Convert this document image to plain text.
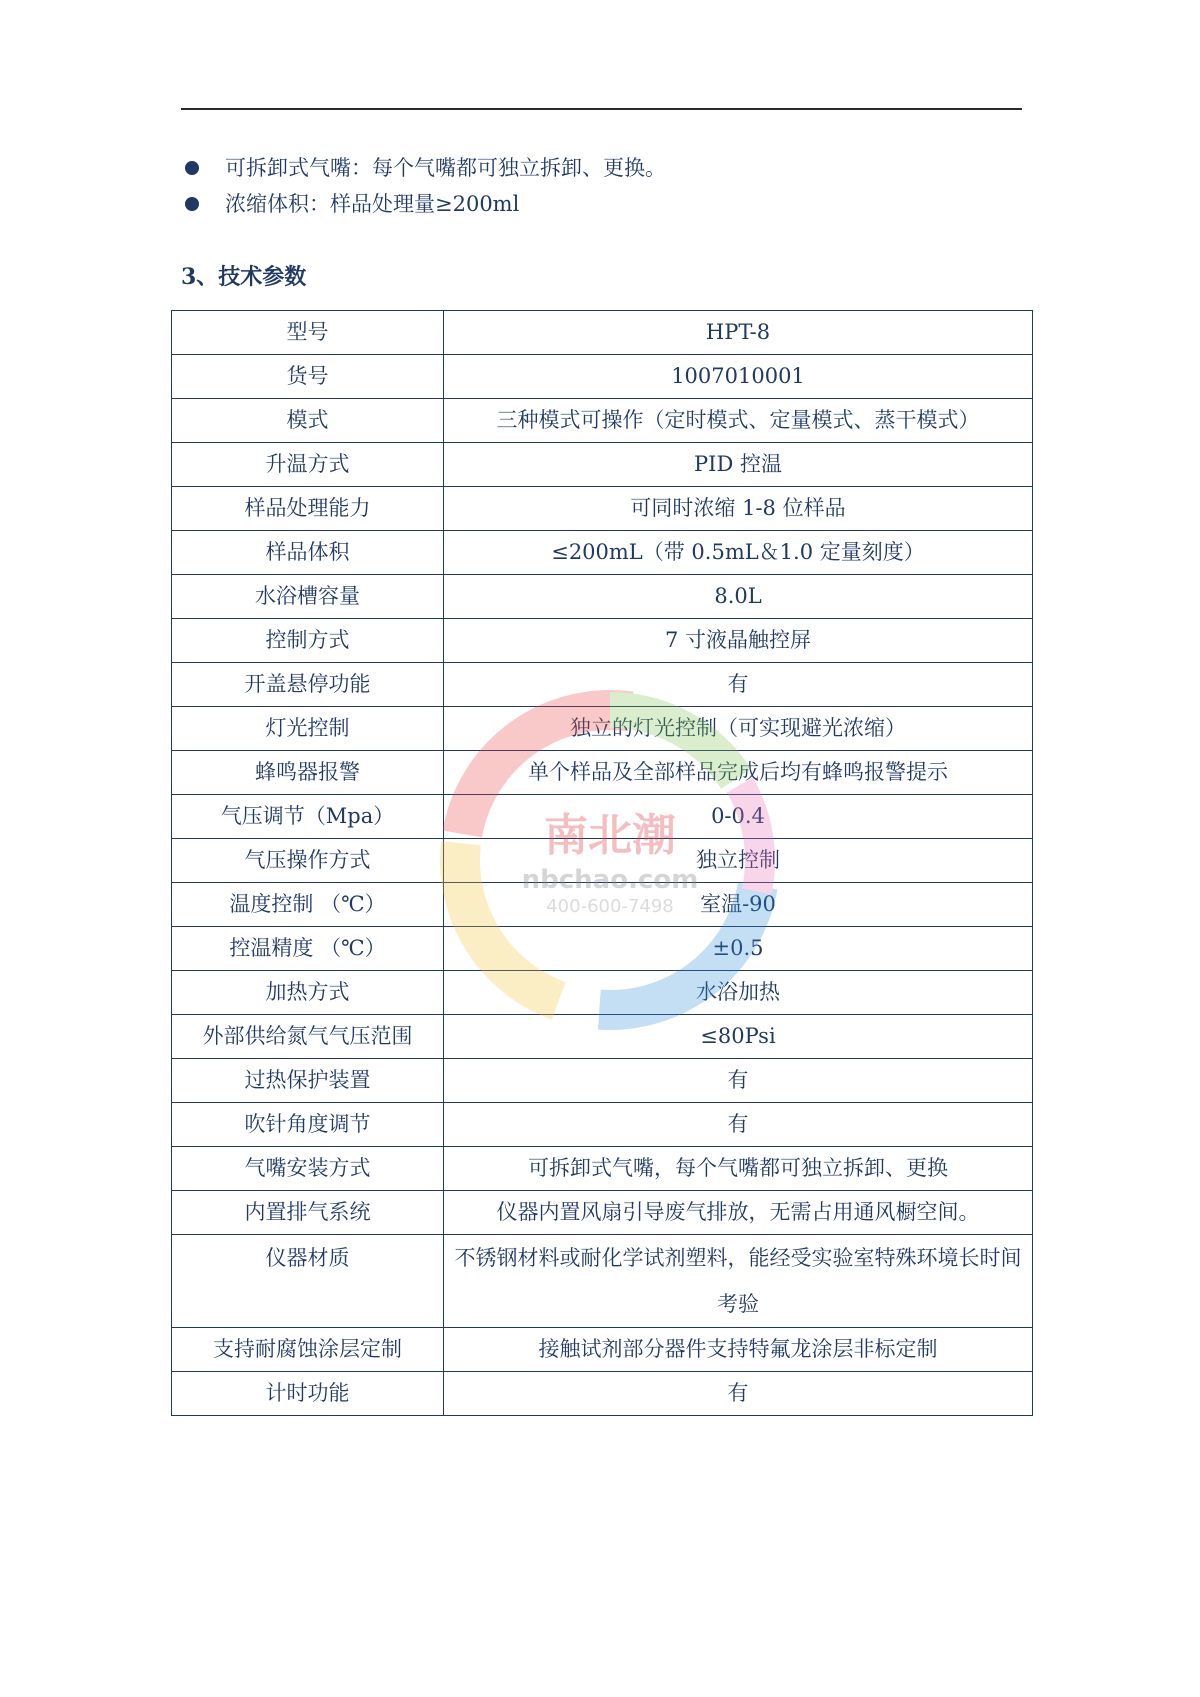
可拆卸式气嘴：每个气嘴都可独立拆卸、更换。
浓缩体积：样品处理量≥200ml
3、技术参数
型号	HPT-8
货号	1007010001
模式	三种模式可操作（定时模式、定量模式、蒸干模式）
升温方式	PID 控温
样品处理能力	可同时浓缩 1-8 位样品
样品体积	≤200mL（带 0.5mL＆1.0 定量刻度）
水浴槽容量	8.0L
控制方式	7 寸液晶触控屏
开盖悬停功能	有
灯光控制	独立的灯光控制（可实现避光浓缩）
蜂鸣器报警	单个样品及全部样品完成后均有蜂鸣报警提示
气压调节（Mpa）	0-0.4
气压操作方式	独立控制
温度控制 （℃）	室温-90
控温精度 （℃）	±0.5
加热方式	水浴加热
外部供给氮气气压范围	≤80Psi
过热保护装置	有
吹针角度调节	有
气嘴安装方式	可拆卸式气嘴，每个气嘴都可独立拆卸、更换
内置排气系统	仪器内置风扇引导废气排放，无需占用通风橱空间。
仪器材质	不锈钢材料或耐化学试剂塑料，能经受实验室特殊环境长时间考验
支持耐腐蚀涂层定制	接触试剂部分器件支持特氟龙涂层非标定制
计时功能	有
南北潮
nbchao.com
400-600-7498
